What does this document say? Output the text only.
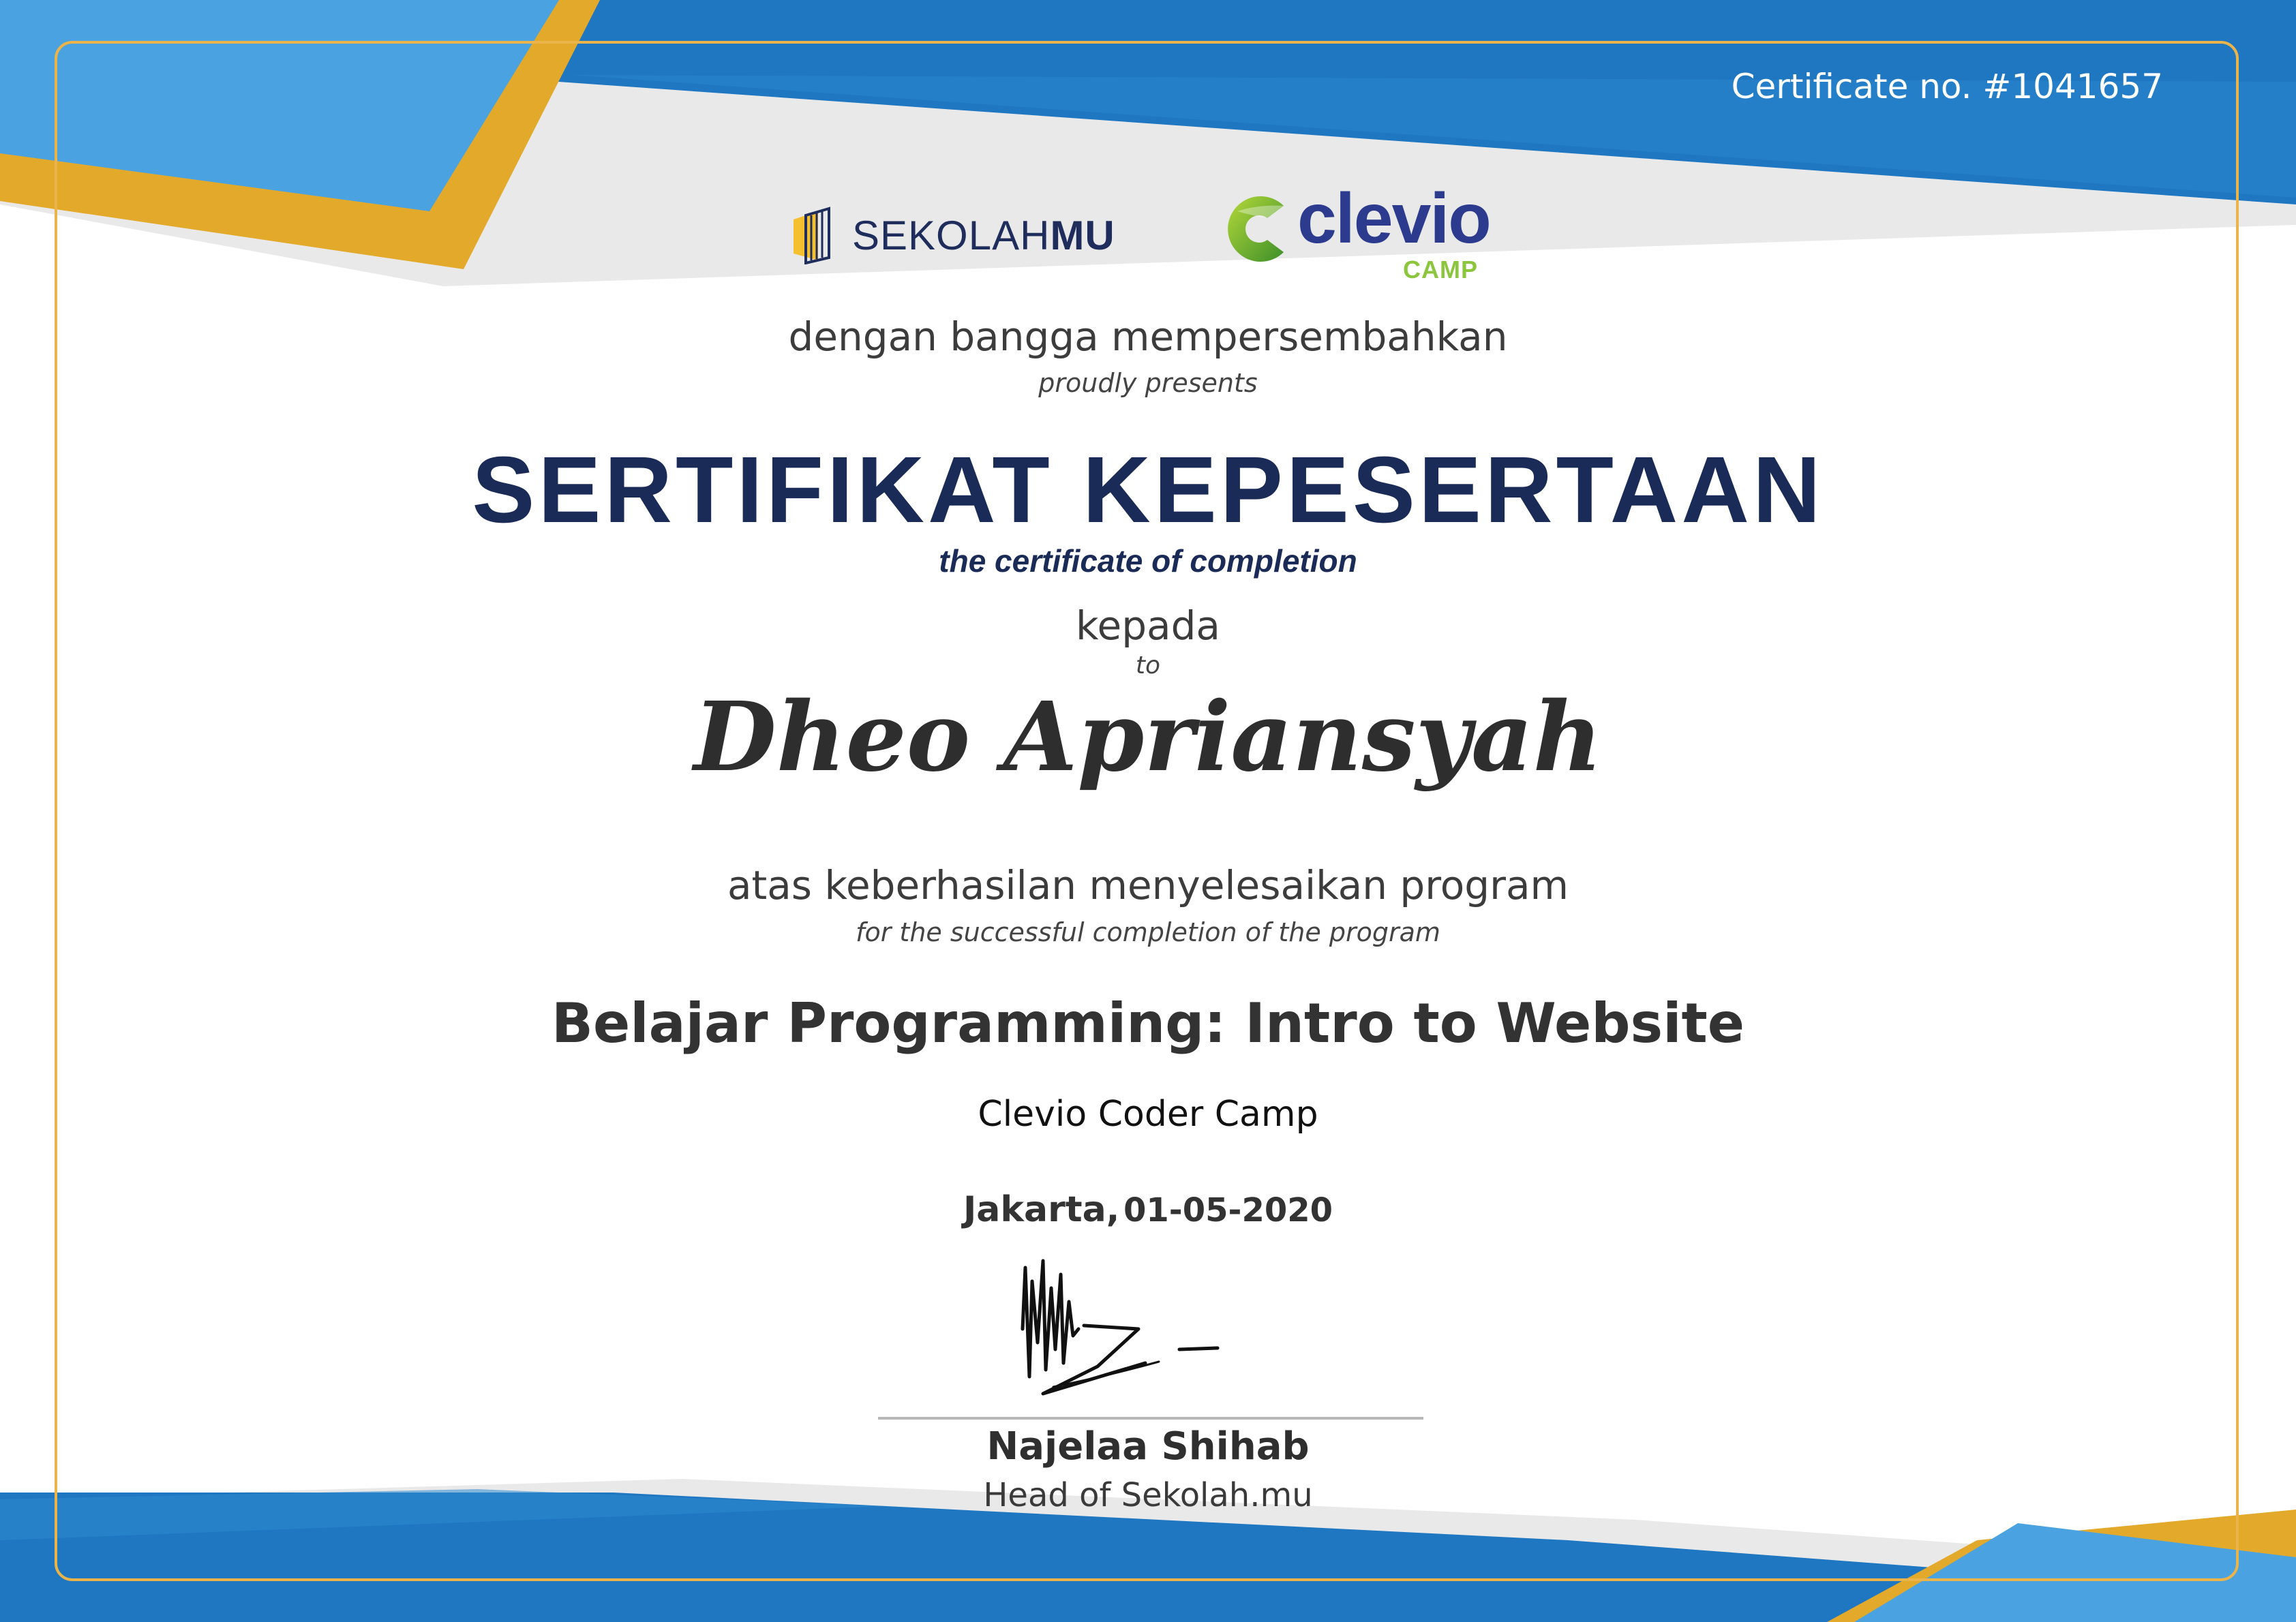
Certificate no. #1041657
SEKOLAHMU	clevio
CAMP
dengan bangga mempersembahkan
proudly presents
SERTIFIKAT KEPESERTAAN
the certificate of completion
kepada
to
Dheo Apriansyah
atas keberhasilan menyelesaikan program
for the successful completion of the program
Belajar Programming: Intro to Website
Clevio Coder Camp
Jakarta, 01-05-2020
Najelaa Shihab
Head of Sekolah.mu
